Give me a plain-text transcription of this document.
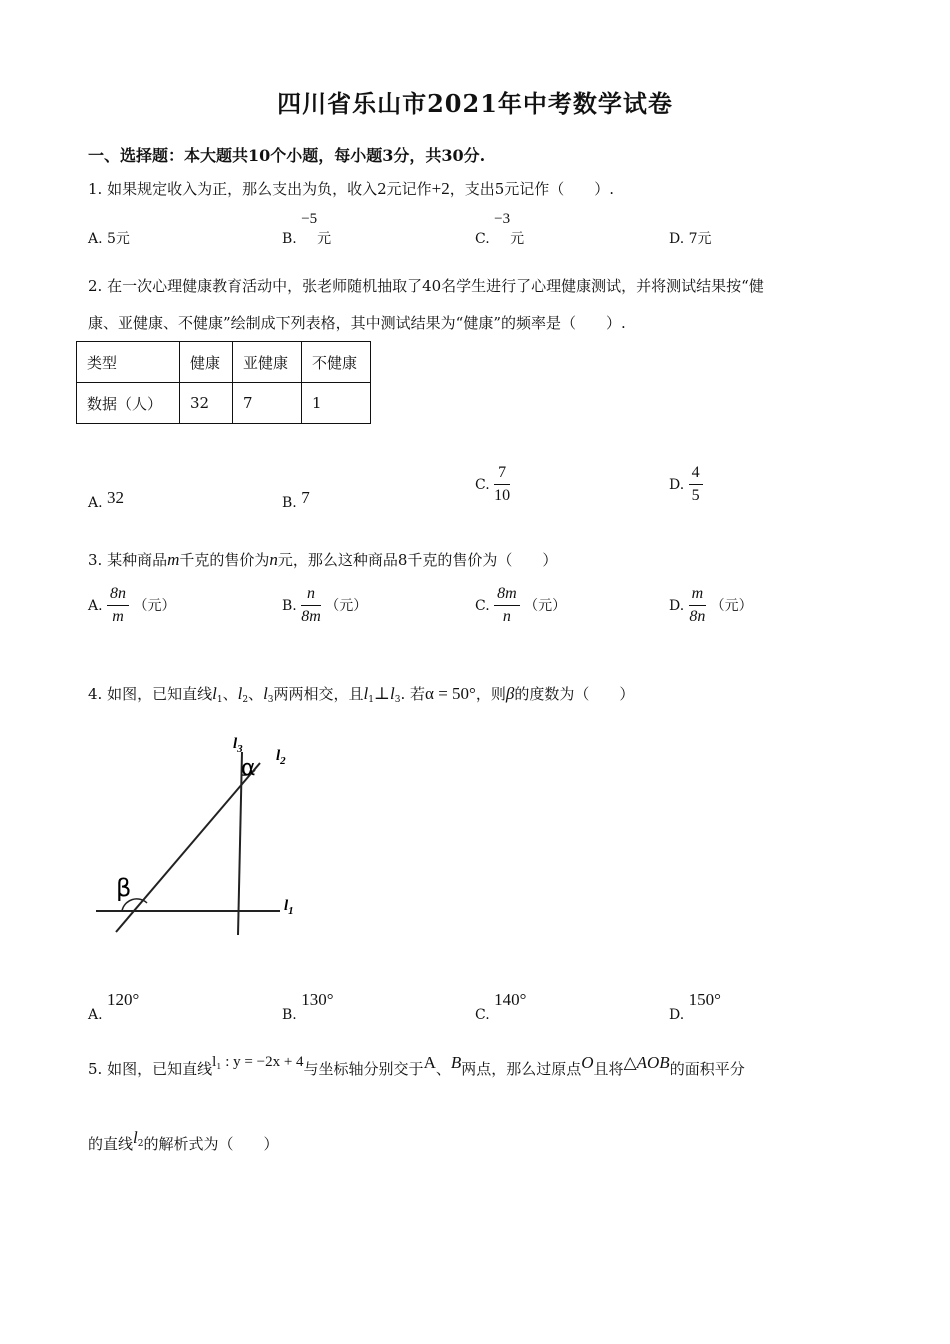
四川省乐山市2021年中考数学试卷
一、选择题：本大题共10个小题，每小题3分，共30分.
1. 如果规定收入为正，那么支出为负，收入2元记作+2，支出5元记作（　　）.
A. 5元	B. −5元	C. −3元	D. 7元
2. 在一次心理健康教育活动中，张老师随机抽取了40名学生进行了心理健康测试，并将测试结果按“健
康、亚健康、不健康”绘制成下列表格，其中测试结果为“健康”的频率是（　　）.
类型	健康	亚健康	不健康
数据（人）	32	7	1
A. 32	B. 7
C. $\frac{7}{10}$	D. $\frac{4}{5}$
3. 某种商品m千克的售价为n元，那么这种商品8千克的售价为（　　）
A. $\frac{8n}{m}$ （元）	B. $\frac{n}{8m}$ （元）	C. $\frac{8m}{n}$ （元）	D. $\frac{m}{8n}$ （元）
4. 如图，已知直线$l_1$、$l_2$、$l_3$两两相交，且$l_1\perp l_3$. 若α = 50°，则β的度数为（　　）
$l_3$ $l_2$
$l_1$
α
β
A. 120°
B. 130°
C. 140°
D. 150°
5. 如图，已知直线l₁ : y = −2x + 4与坐标轴分别交于A、B两点，那么过原点O且将△AOB的面积平分
的直线$l^2$的解析式为（　　）
